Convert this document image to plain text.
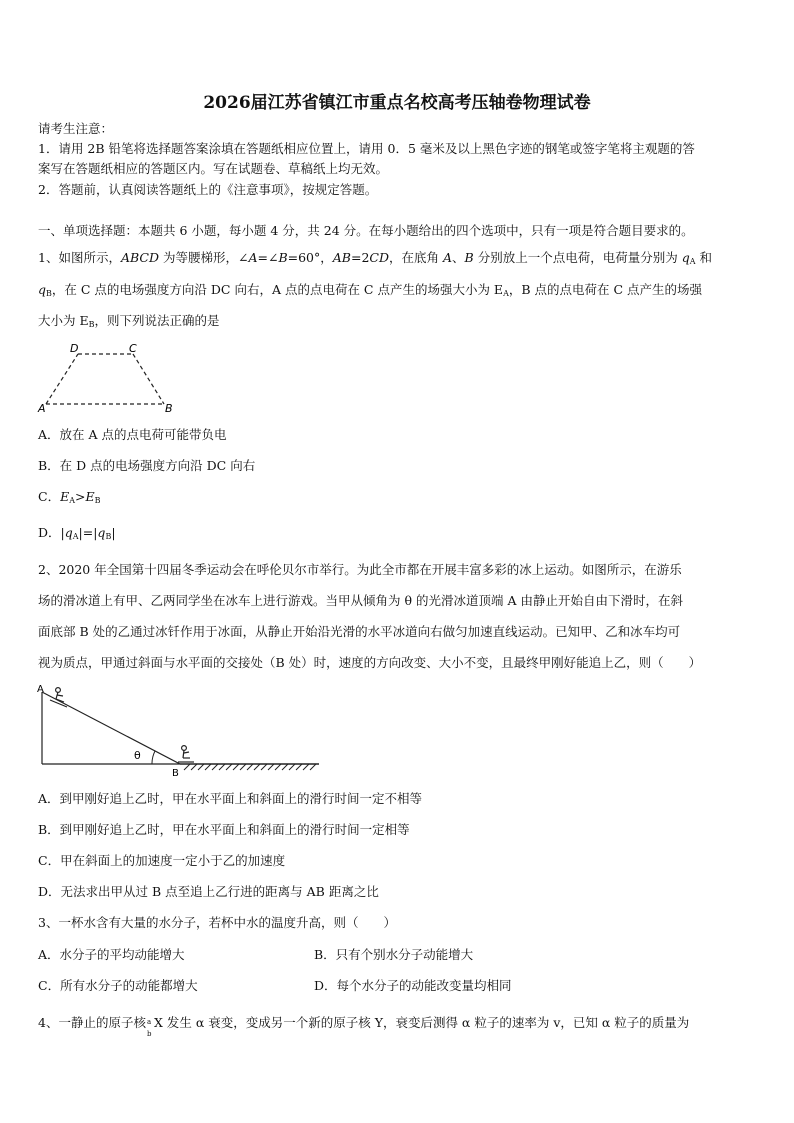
2026届江苏省镇江市重点名校高考压轴卷物理试卷
请考生注意：
1．请用 2B 铅笔将选择题答案涂填在答题纸相应位置上，请用 0．5 毫米及以上黑色字迹的钢笔或签字笔将主观题的答
案写在答题纸相应的答题区内。写在试题卷、草稿纸上均无效。
2．答题前，认真阅读答题纸上的《注意事项》，按规定答题。
一、单项选择题：本题共 6 小题，每小题 4 分，共 24 分。在每小题给出的四个选项中，只有一项是符合题目要求的。
1、如图所示，ABCD 为等腰梯形，∠A=∠B=60°，AB=2CD，在底角 A、B 分别放上一个点电荷，电荷量分别为 $q_A$ 和
$q_B$，在 C 点的电场强度方向沿 DC 向右，A 点的点电荷在 C 点产生的场强大小为 $E_A$，B 点的点电荷在 C 点产生的场强
大小为 $E_B$，则下列说法正确的是
D	C
A	B
A．放在 A 点的点电荷可能带负电
B．在 D 点的电场强度方向沿 DC 向右
C．$E_A>E_B$
D．$|q_A|=|q_B|$
2、2020 年全国第十四届冬季运动会在呼伦贝尔市举行。为此全市都在开展丰富多彩的冰上运动。如图所示，在游乐
场的滑冰道上有甲、乙两同学坐在冰车上进行游戏。当甲从倾角为 θ 的光滑冰道顶端 A 由静止开始自由下滑时，在斜
面底部 B 处的乙通过冰钎作用于冰面，从静止开始沿光滑的水平冰道向右做匀加速直线运动。已知甲、乙和冰车均可
视为质点，甲通过斜面与水平面的交接处（B 处）时，速度的方向改变、大小不变，且最终甲刚好能追上乙，则（　　）
A
B
θ
A．到甲刚好追上乙时，甲在水平面上和斜面上的滑行时间一定不相等
B．到甲刚好追上乙时，甲在水平面上和斜面上的滑行时间一定相等
C．甲在斜面上的加速度一定小于乙的加速度
D．无法求出甲从过 B 点至追上乙行进的距离与 AB 距离之比
3、一杯水含有大量的水分子，若杯中水的温度升高，则（　　）
A．水分子的平均动能增大	B．只有个别水分子动能增大
C．所有水分子的动能都增大	D．每个水分子的动能改变量均相同
4、一静止的原子核 a
b
X 发生 α 衰变，变成另一个新的原子核 Y，衰变后测得 α 粒子的速率为 v，已知 α 粒子的质量为
